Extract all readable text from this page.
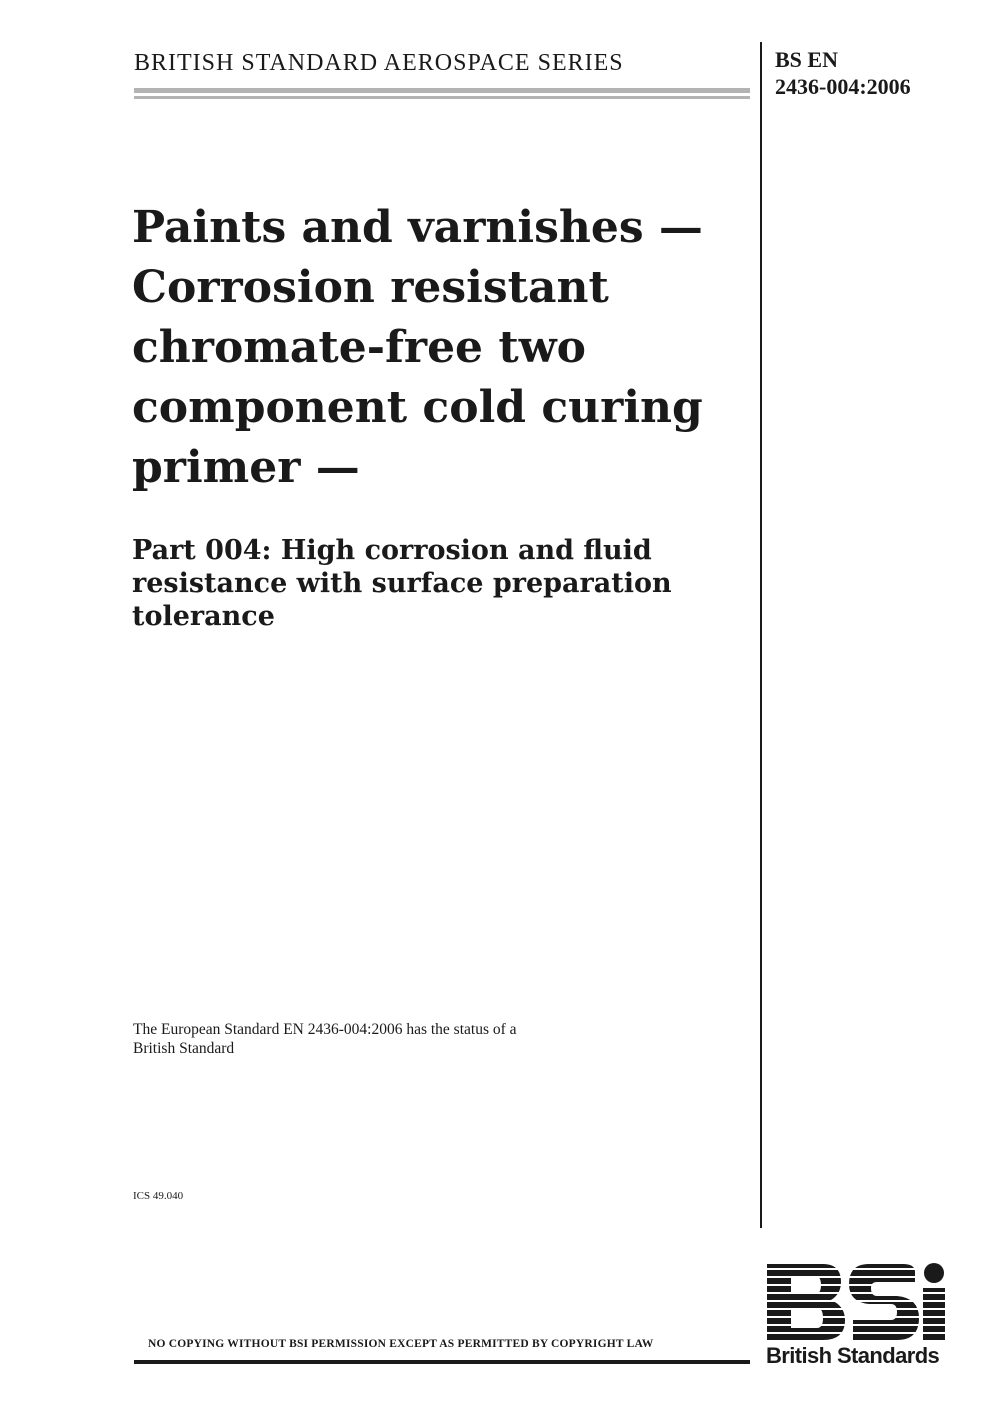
BRITISH STANDARD AEROSPACE SERIES	BS EN
2436-004:2006
Paints and varnishes —
Corrosion resistant
chromate-free two
component cold curing
primer —
Part 004: High corrosion and fluid
resistance with surface preparation
tolerance
The European Standard EN 2436-004:2006 has the status of a
British Standard
ICS 49.040
NO COPYING WITHOUT BSI PERMISSION EXCEPT AS PERMITTED BY COPYRIGHT LAW	British Standards
